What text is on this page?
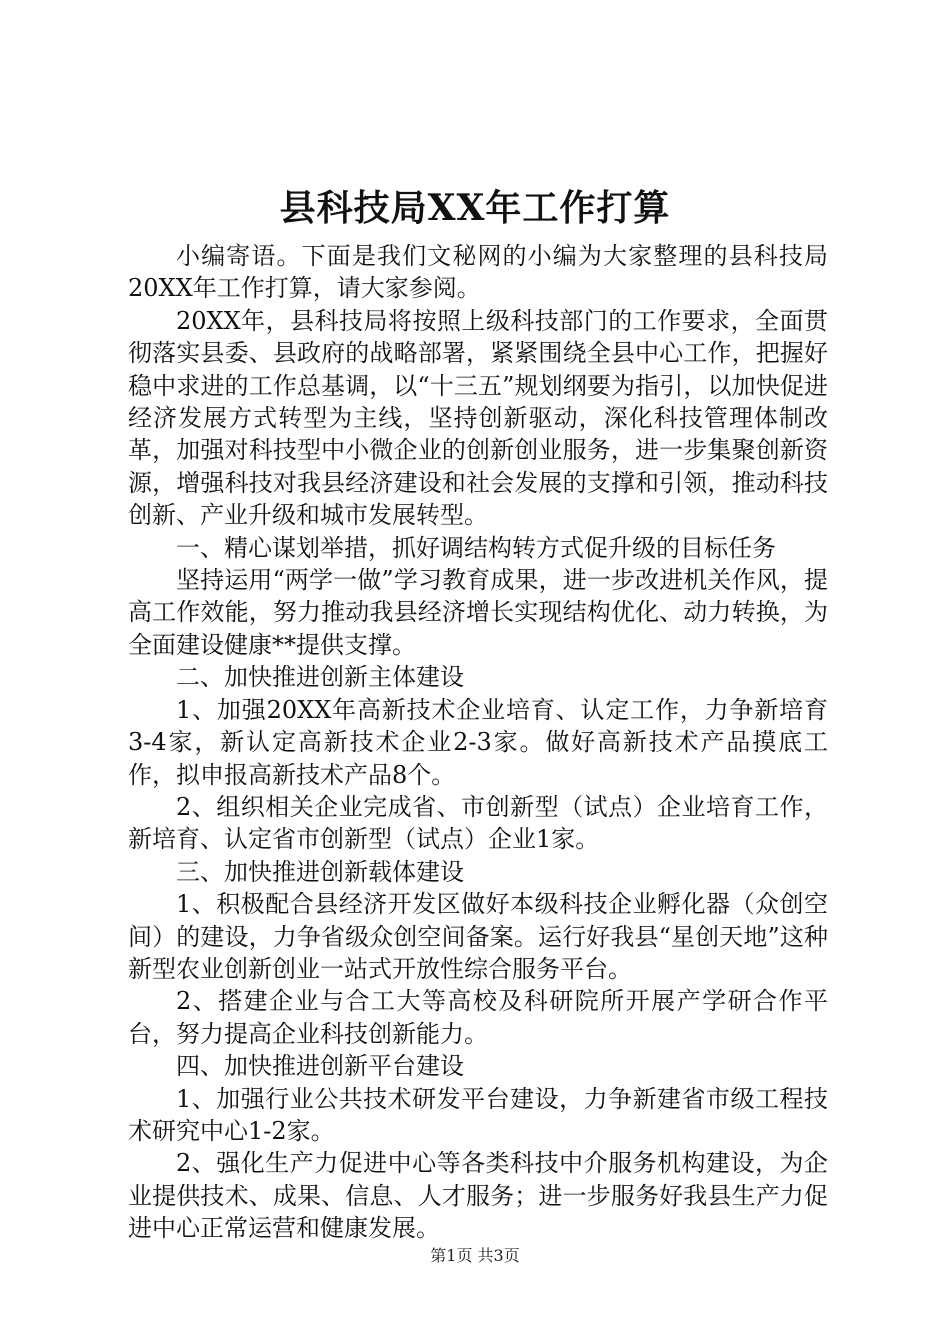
县科技局XX年工作打算

小编寄语。下面是我们文秘网的小编为大家整理的县科技局20XX年工作打算，请大家参阅。

20XX年，县科技局将按照上级科技部门的工作要求，全面贯彻落实县委、县政府的战略部署，紧紧围绕全县中心工作，把握好稳中求进的工作总基调，以“十三五”规划纲要为指引，以加快促进经济发展方式转型为主线，坚持创新驱动，深化科技管理体制改革，加强对科技型中小微企业的创新创业服务，进一步集聚创新资源，增强科技对我县经济建设和社会发展的支撑和引领，推动科技创新、产业升级和城市发展转型。

一、精心谋划举措，抓好调结构转方式促升级的目标任务

坚持运用“两学一做”学习教育成果，进一步改进机关作风，提高工作效能，努力推动我县经济增长实现结构优化、动力转换，为全面建设健康**提供支撑。

二、加快推进创新主体建设

1、加强20XX年高新技术企业培育、认定工作，力争新培育3-4家，新认定高新技术企业2-3家。做好高新技术产品摸底工作，拟申报高新技术产品8个。

2、组织相关企业完成省、市创新型（试点）企业培育工作，新培育、认定省市创新型（试点）企业1家。

三、加快推进创新载体建设

1、积极配合县经济开发区做好本级科技企业孵化器（众创空间）的建设，力争省级众创空间备案。运行好我县“星创天地”这种新型农业创新创业一站式开放性综合服务平台。

2、搭建企业与合工大等高校及科研院所开展产学研合作平台，努力提高企业科技创新能力。

四、加快推进创新平台建设

1、加强行业公共技术研发平台建设，力争新建省市级工程技术研究中心1-2家。

2、强化生产力促进中心等各类科技中介服务机构建设，为企业提供技术、成果、信息、人才服务；进一步服务好我县生产力促进中心正常运营和健康发展。

第1页 共3页
